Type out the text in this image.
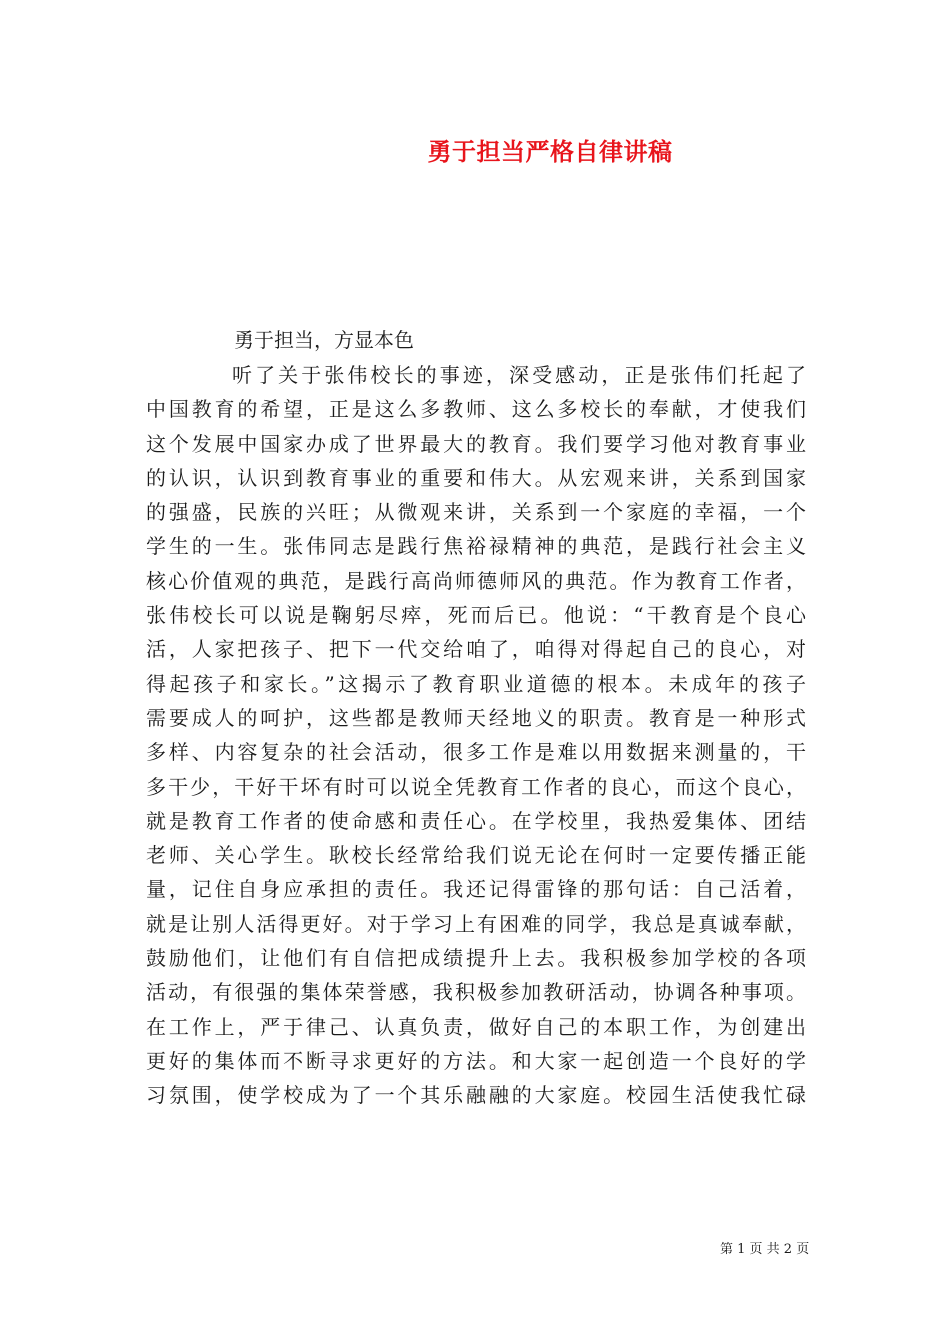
勇于担当严格自律讲稿

勇于担当，方显本色

听了关于张伟校长的事迹，深受感动，正是张伟们托起了
中国教育的希望，正是这么多教师、这么多校长的奉献，才使我们
这个发展中国家办成了世界最大的教育。我们要学习他对教育事业
的认识，认识到教育事业的重要和伟大。从宏观来讲，关系到国家
的强盛，民族的兴旺；从微观来讲，关系到一个家庭的幸福，一个
学生的一生。张伟同志是践行焦裕禄精神的典范，是践行社会主义
核心价值观的典范，是践行高尚师德师风的典范。作为教育工作者，
张伟校长可以说是鞠躬尽瘁，死而后已。他说：“干教育是个良心
活，人家把孩子、把下一代交给咱了，咱得对得起自己的良心，对
得起孩子和家长。”这揭示了教育职业道德的根本。未成年的孩子
需要成人的呵护，这些都是教师天经地义的职责。教育是一种形式
多样、内容复杂的社会活动，很多工作是难以用数据来测量的，干
多干少，干好干坏有时可以说全凭教育工作者的良心，而这个良心，
就是教育工作者的使命感和责任心。在学校里，我热爱集体、团结
老师、关心学生。耿校长经常给我们说无论在何时一定要传播正能
量，记住自身应承担的责任。我还记得雷锋的那句话：自己活着，
就是让别人活得更好。对于学习上有困难的同学，我总是真诚奉献，
鼓励他们，让他们有自信把成绩提升上去。我积极参加学校的各项
活动，有很强的集体荣誉感，我积极参加教研活动，协调各种事项。
在工作上，严于律己、认真负责，做好自己的本职工作，为创建出
更好的集体而不断寻求更好的方法。和大家一起创造一个良好的学
习氛围，使学校成为了一个其乐融融的大家庭。校园生活使我忙碌

第 1 页 共 2 页
